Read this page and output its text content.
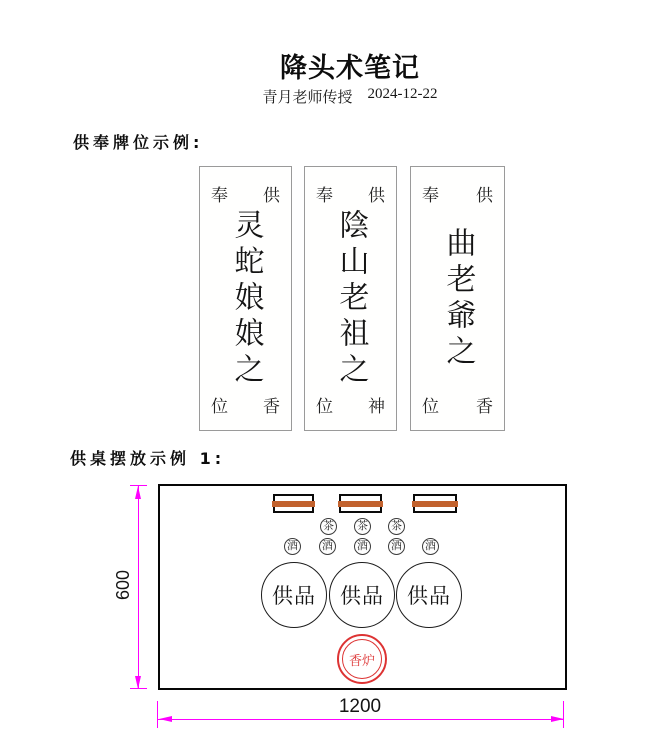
降头术笔记
青月老师传授 2024-12-22
供奉牌位示例:
奉 供
灵蛇娘娘之
位 香
奉 供
陰山老祖之
位 神
奉 供
曲老爺之
位 香
供桌摆放示例 1:
茶 茶 茶
酒 酒 酒 酒 酒
供品	供品	供品
香炉
600
1200
